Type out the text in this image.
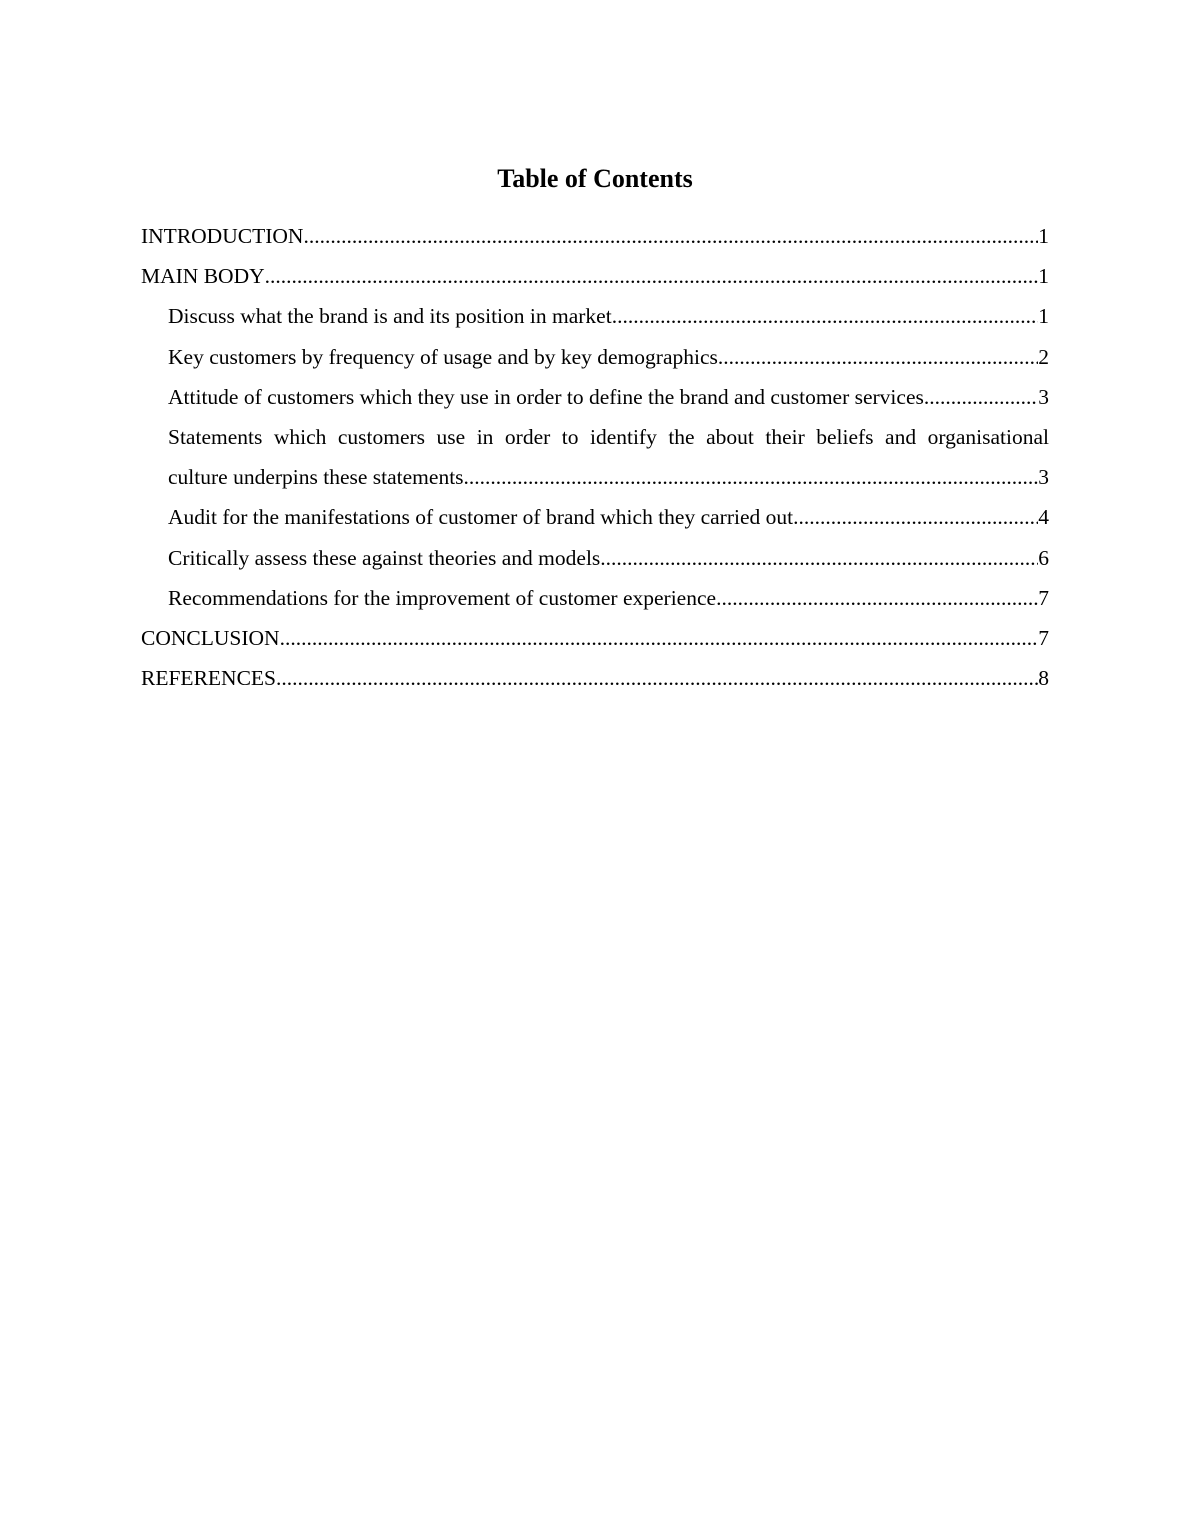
Table of Contents
INTRODUCTION .....	1
MAIN BODY .....	1
Discuss what the brand is and its position in market .....	1
Key customers by frequency of usage and by key demographics .....	2
Attitude of customers which they use in order to define the brand and customer services .....	3
Statements which customers use in order to identify the about their beliefs and organisational
culture underpins these statements .....	3
Audit for the manifestations of customer of brand which they carried out .....	4
Critically assess these against theories and models .....	6
Recommendations for the improvement of customer experience .....	7
CONCLUSION .....	7
REFERENCES .....	8
